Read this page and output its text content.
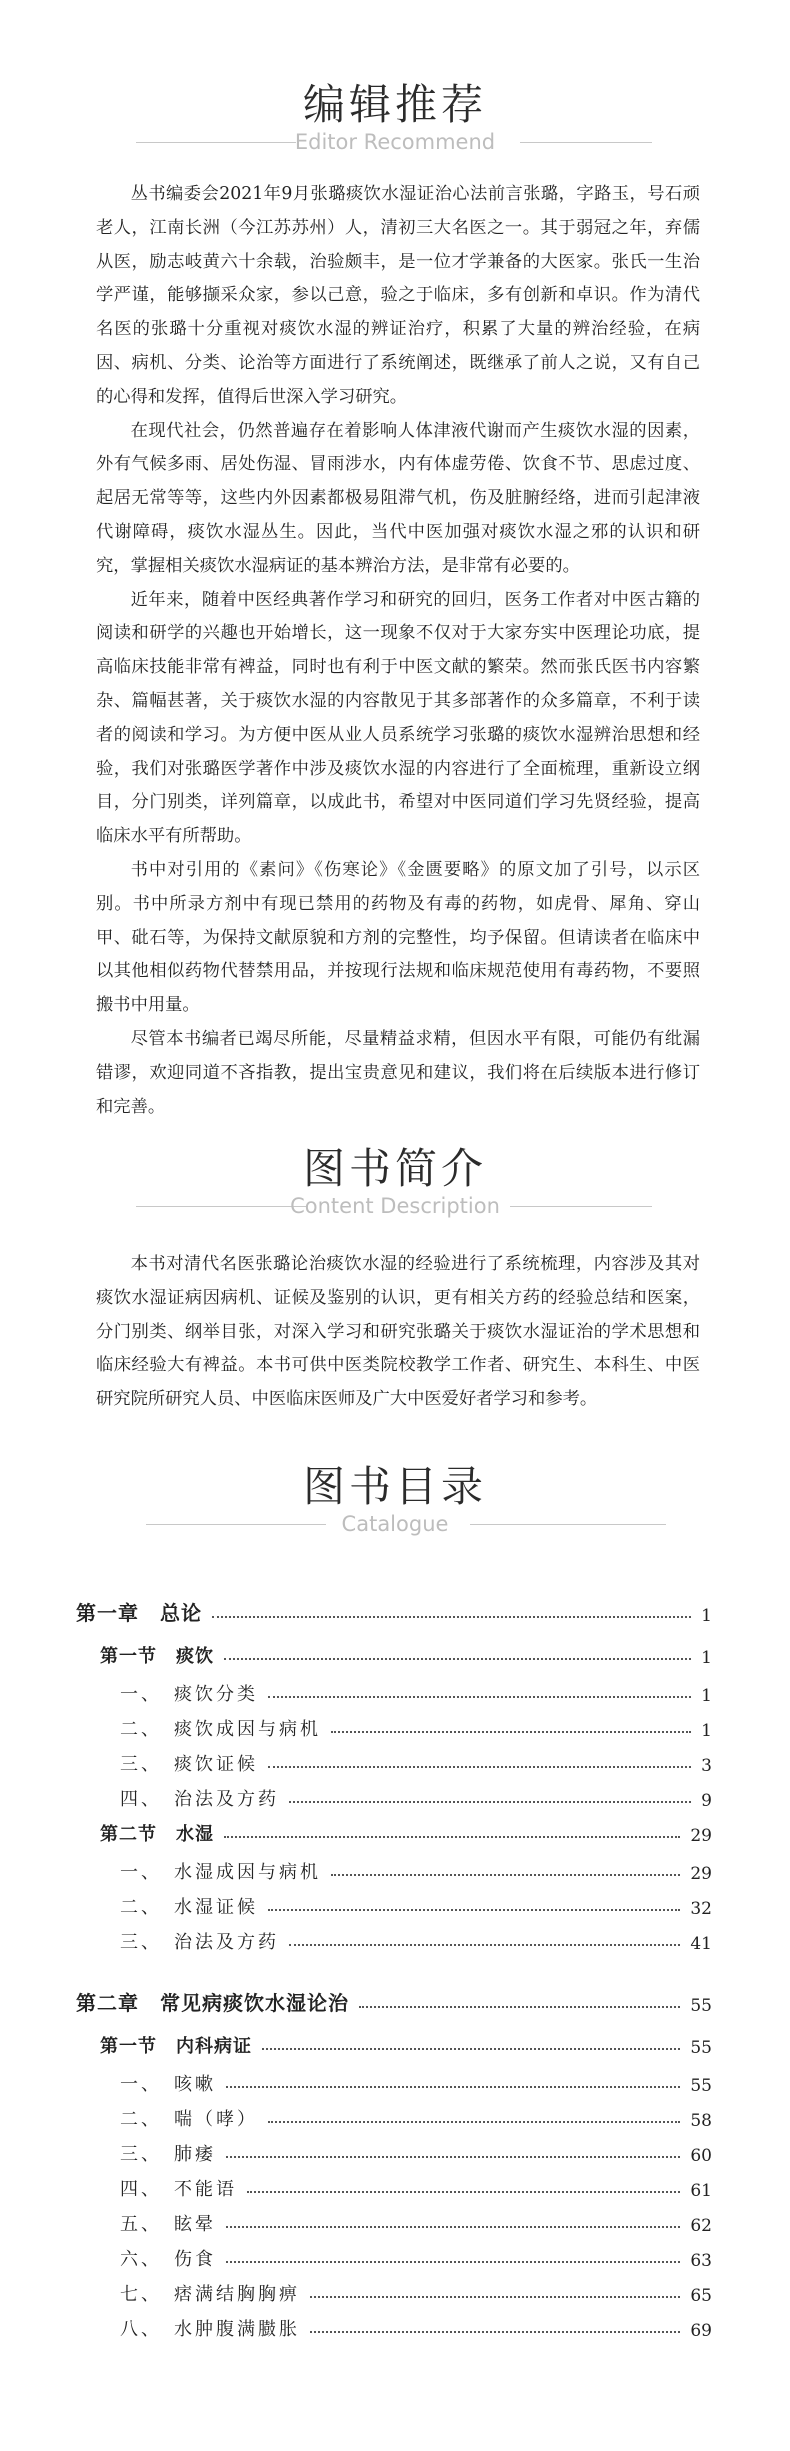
编辑推荐
Editor Recommend

丛书编委会2021年9月张璐痰饮水湿证治心法前言张璐，字路玉，号石顽老人，江南长洲（今江苏苏州）人，清初三大名医之一。其于弱冠之年，弃儒从医，励志岐黄六十余载，治验颇丰，是一位才学兼备的大医家。张氏一生治学严谨，能够撷采众家，参以己意，验之于临床，多有创新和卓识。作为清代名医的张璐十分重视对痰饮水湿的辨证治疗，积累了大量的辨治经验，在病因、病机、分类、论治等方面进行了系统阐述，既继承了前人之说，又有自己的心得和发挥，值得后世深入学习研究。

在现代社会，仍然普遍存在着影响人体津液代谢而产生痰饮水湿的因素，外有气候多雨、居处伤湿、冒雨涉水，内有体虚劳倦、饮食不节、思虑过度、起居无常等等，这些内外因素都极易阻滞气机，伤及脏腑经络，进而引起津液代谢障碍，痰饮水湿丛生。因此，当代中医加强对痰饮水湿之邪的认识和研究，掌握相关痰饮水湿病证的基本辨治方法，是非常有必要的。

近年来，随着中医经典著作学习和研究的回归，医务工作者对中医古籍的阅读和研学的兴趣也开始增长，这一现象不仅对于大家夯实中医理论功底，提高临床技能非常有裨益，同时也有利于中医文献的繁荣。然而张氏医书内容繁杂、篇幅甚著，关于痰饮水湿的内容散见于其多部著作的众多篇章，不利于读者的阅读和学习。为方便中医从业人员系统学习张璐的痰饮水湿辨治思想和经验，我们对张璐医学著作中涉及痰饮水湿的内容进行了全面梳理，重新设立纲目，分门别类，详列篇章，以成此书，希望对中医同道们学习先贤经验，提高临床水平有所帮助。

书中对引用的《素问》《伤寒论》《金匮要略》的原文加了引号，以示区别。书中所录方剂中有现已禁用的药物及有毒的药物，如虎骨、犀角、穿山甲、砒石等，为保持文献原貌和方剂的完整性，均予保留。但请读者在临床中以其他相似药物代替禁用品，并按现行法规和临床规范使用有毒药物，不要照搬书中用量。

尽管本书编者已竭尽所能，尽量精益求精，但因水平有限，可能仍有纰漏错谬，欢迎同道不吝指教，提出宝贵意见和建议，我们将在后续版本进行修订和完善。

图书简介
Content Description

本书对清代名医张璐论治痰饮水湿的经验进行了系统梳理，内容涉及其对痰饮水湿证病因病机、证候及鉴别的认识，更有相关方药的经验总结和医案，分门别类、纲举目张，对深入学习和研究张璐关于痰饮水湿证治的学术思想和临床经验大有裨益。本书可供中医类院校教学工作者、研究生、本科生、中医研究院所研究人员、中医临床医师及广大中医爱好者学习和参考。

图书目录
Catalogue
第一章　总论	1
第一节　痰饮	1
一、　痰饮分类	1
二、　痰饮成因与病机	1
三、　痰饮证候	3
四、　治法及方药	9
第二节　水湿	29
一、　水湿成因与病机	29
二、　水湿证候	32
三、　治法及方药	41
第二章　常见病痰饮水湿论治	55
第一节　内科病证	55
一、　咳嗽	55
二、　喘（哮）	58
三、　肺痿	60
四、　不能语	61
五、　眩晕	62
六、　伤食	63
七、　痞满结胸胸痹	65
八、　水肿腹满臌胀	69
